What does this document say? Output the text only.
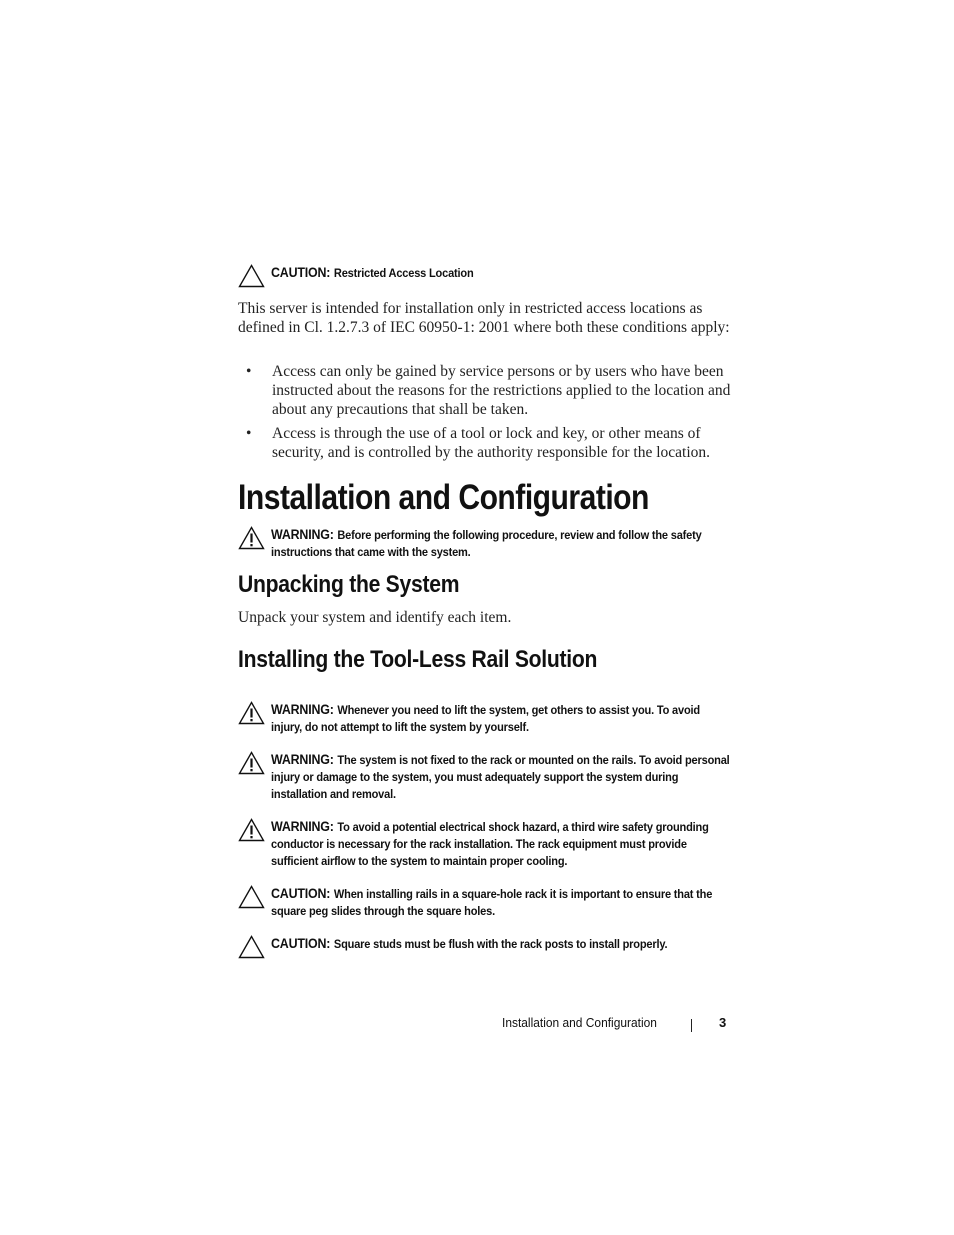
CAUTION: Restricted Access Location
This server is intended for installation only in restricted access locations as defined in Cl. 1.2.7.3 of IEC 60950-1: 2001 where both these conditions apply:
• Access can only be gained by service persons or by users who have been instructed about the reasons for the restrictions applied to the location and about any precautions that shall be taken.
• Access is through the use of a tool or lock and key, or other means of security, and is controlled by the authority responsible for the location.
Installation and Configuration
WARNING: Before performing the following procedure, review and follow the safety instructions that came with the system.
Unpacking the System
Unpack your system and identify each item.
Installing the Tool-Less Rail Solution
WARNING: Whenever you need to lift the system, get others to assist you. To avoid injury, do not attempt to lift the system by yourself.
WARNING: The system is not fixed to the rack or mounted on the rails. To avoid personal injury or damage to the system, you must adequately support the system during installation and removal.
WARNING: To avoid a potential electrical shock hazard, a third wire safety grounding conductor is necessary for the rack installation. The rack equipment must provide sufficient airflow to the system to maintain proper cooling.
CAUTION: When installing rails in a square-hole rack it is important to ensure that the square peg slides through the square holes.
CAUTION: Square studs must be flush with the rack posts to install properly.
Installation and Configuration	3
